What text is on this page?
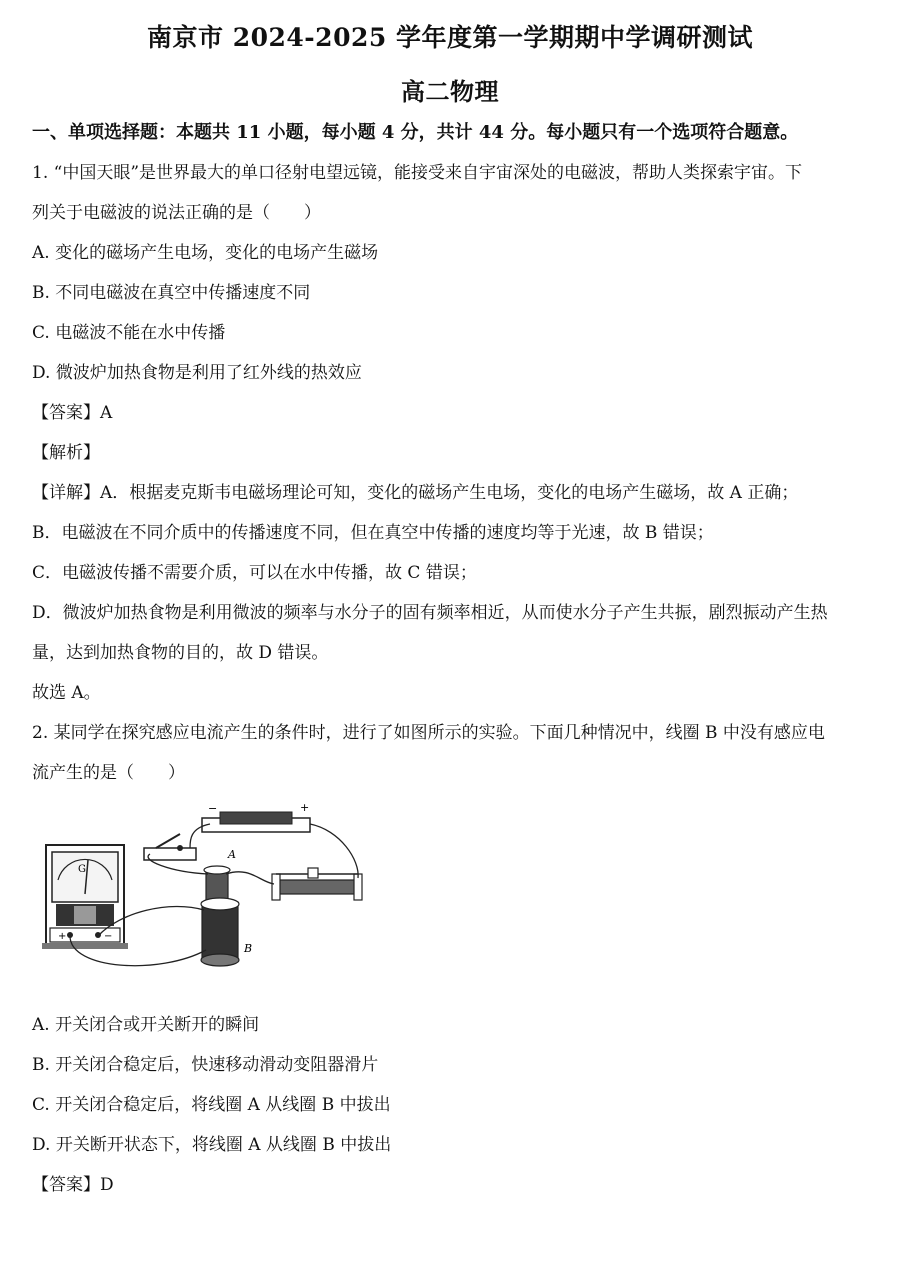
南京市 2024-2025 学年度第一学期期中学调研测试
高二物理
一、单项选择题：本题共 11 小题，每小题 4 分，共计 44 分。每小题只有一个选项符合题意。
1. “中国天眼”是世界最大的单口径射电望远镜，能接受来自宇宙深处的电磁波，帮助人类探索宇宙。下
列关于电磁波的说法正确的是（　　）
A. 变化的磁场产生电场，变化的电场产生磁场
B. 不同电磁波在真空中传播速度不同
C. 电磁波不能在水中传播
D. 微波炉加热食物是利用了红外线的热效应
【答案】A
【解析】
【详解】A．根据麦克斯韦电磁场理论可知，变化的磁场产生电场，变化的电场产生磁场，故 A 正确；
B．电磁波在不同介质中的传播速度不同，但在真空中传播的速度均等于光速，故 B 错误；
C．电磁波传播不需要介质，可以在水中传播，故 C 错误；
D．微波炉加热食物是利用微波的频率与水分子的固有频率相近，从而使水分子产生共振，剧烈振动产生热
量，达到加热食物的目的，故 D 错误。
故选 A。
2. 某同学在探究感应电流产生的条件时，进行了如图所示的实验。下面几种情况中，线圈 B 中没有感应电
流产生的是（　　）
G
+	−
−	+
A
B
A. 开关闭合或开关断开的瞬间
B. 开关闭合稳定后，快速移动滑动变阻器滑片
C. 开关闭合稳定后，将线圈 A 从线圈 B 中拔出
D. 开关断开状态下，将线圈 A 从线圈 B 中拔出
【答案】D
